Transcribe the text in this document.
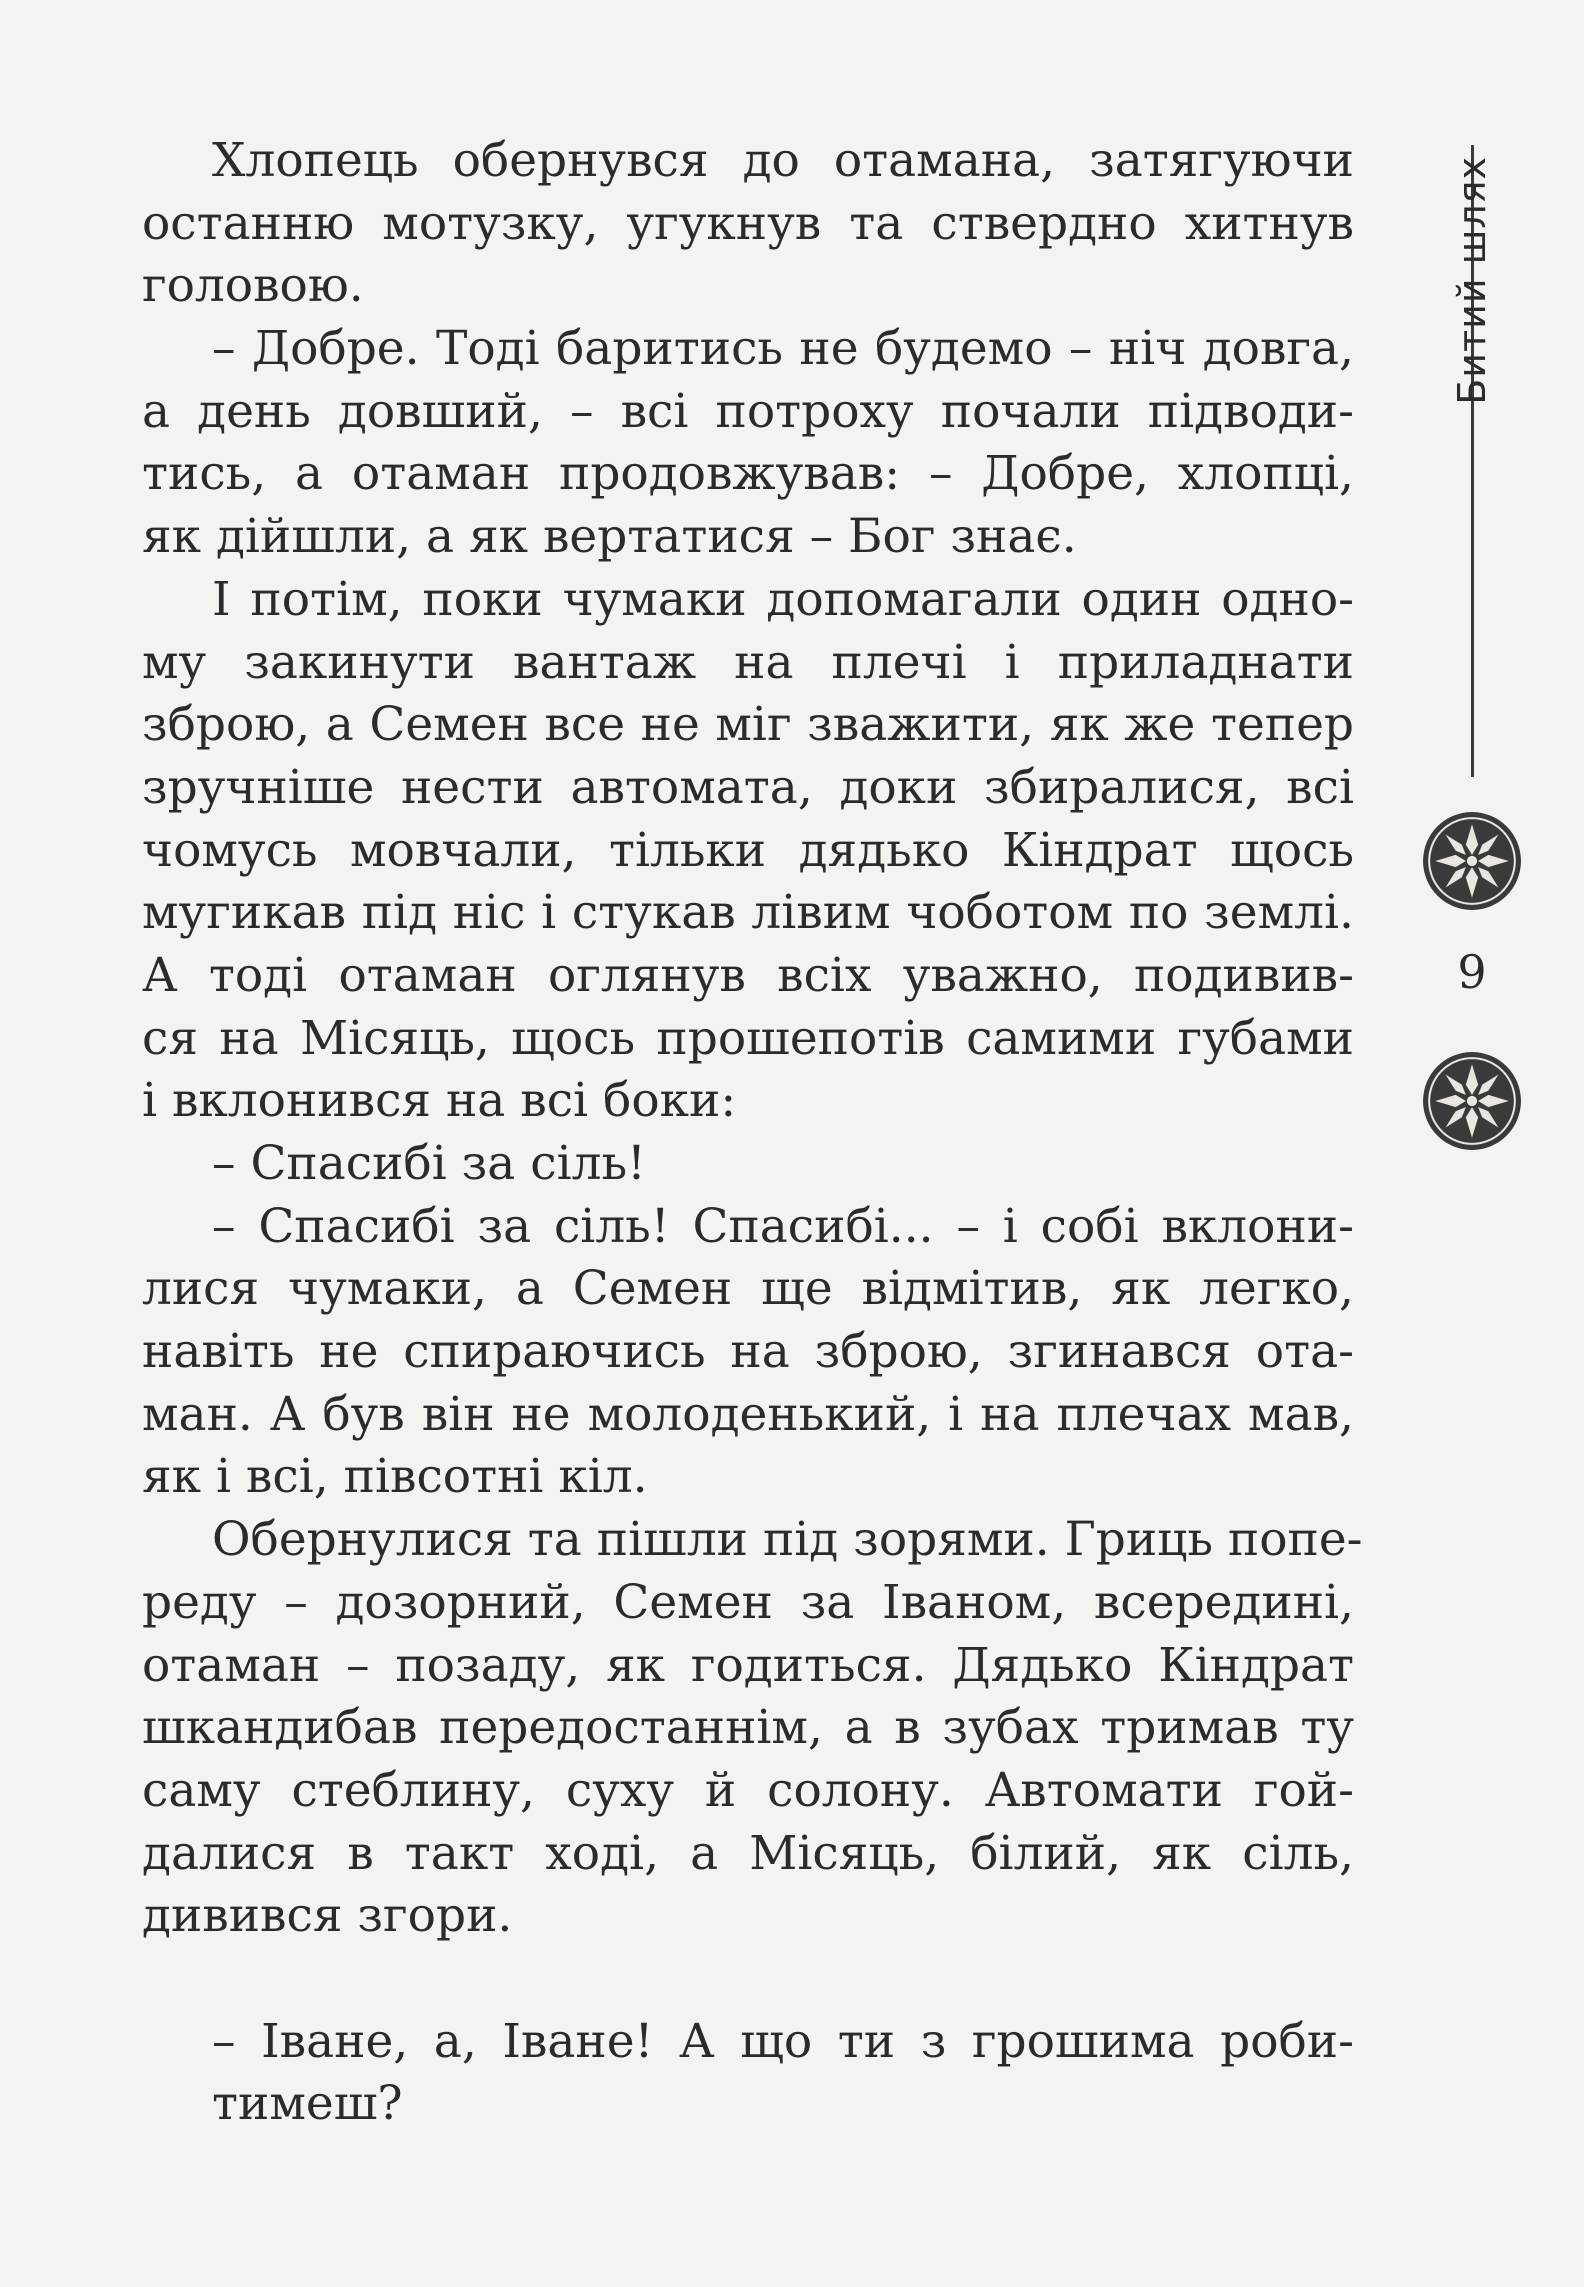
Хлопець обернувся до отамана, затягуючи
останню мотузку, угукнув та ствердно хитнув
головою.
– Добре. Тоді баритись не будемо – ніч довга,
а день довший, – всі потроху почали підводи-
тись, а отаман продовжував: – Добре, хлопці,
як дійшли, а як вертатися – Бог знає.
І потім, поки чумаки допомагали один одно-
му закинути вантаж на плечі і приладнати
зброю, а Семен все не міг зважити, як же тепер
зручніше нести автомата, доки збиралися, всі
чомусь мовчали, тільки дядько Кіндрат щось
мугикав під ніс і стукав лівим чоботом по землі.
А тоді отаман оглянув всіх уважно, подивив-
ся на Місяць, щось прошепотів самими губами
і вклонився на всі боки:
– Спасибі за сіль!
– Спасибі за сіль! Спасибі... – і собі вклони-
лися чумаки, а Семен ще відмітив, як легко,
навіть не спираючись на зброю, згинався ота-
ман. А був він не молоденький, і на плечах мав,
як і всі, півсотні кіл.
Обернулися та пішли під зорями. Гриць попе-
реду – дозорний, Семен за Іваном, всередині,
отаман – позаду, як годиться. Дядько Кіндрат
шкандибав передостаннім, а в зубах тримав ту
саму стеблину, суху й солону. Автомати гой-
далися в такт ході, а Місяць, білий, як сіль,
дивився згори.
– Іване, а, Іване! А що ти з грошима роби-
тимеш?
Битий шлях
9
